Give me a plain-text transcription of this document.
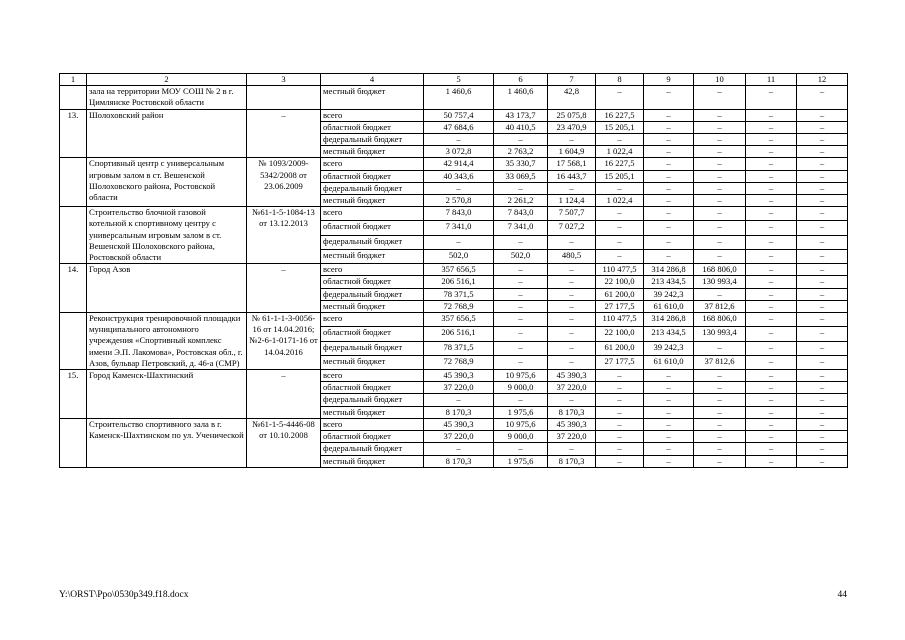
1	2	3	4	5	6	7	8	9	10	11	12
	зала на территории МОУ СОШ № 2 в г. Цимлянске Ростовской области		местный бюджет	1 460,6	1 460,6	42,8	–	–	–	–	–
13.	Шолоховский район	–	всего	50 757,4	43 173,7	25 075,8	16 227,5	–	–	–	–
			областной бюджет	47 684,6	40 410,5	23 470,9	15 205,1	–	–	–	–
			федеральный бюджет	–	–	–	–	–	–	–	–
			местный бюджет	3 072,8	2 763,2	1 604,9	1 022,4	–	–	–	–
	Спортивный центр с универсальным игровым залом в ст. Вешенской Шолоховского района, Ростовской области	№ 1093/2009-5342/2008 от 23.06.2009	всего	42 914,4	35 330,7	17 568,1	16 227,5	–	–	–	–
			областной бюджет	40 343,6	33 069,5	16 443,7	15 205,1	–	–	–	–
			федеральный бюджет	–	–	–	–	–	–	–	–
			местный бюджет	2 570,8	2 261,2	1 124,4	1 022,4	–	–	–	–
	Строительство блочной газовой котельной к спортивному центру с универсальным игровым залом в ст. Вешенской Шолоховского района, Ростовской области	№61-1-5-1084-13 от 13.12.2013	всего	7 843,0	7 843,0	7 507,7	–	–	–	–	–
			областной бюджет	7 341,0	7 341,0	7 027,2	–	–	–	–	–
			федеральный бюджет	–	–	–	–	–	–	–	–
			местный бюджет	502,0	502,0	480,5	–	–	–	–	–
14.	Город Азов	–	всего	357 656,5	–	–	110 477,5	314 286,8	168 806,0	–	–
			областной бюджет	206 516,1	–	–	22 100,0	213 434,5	130 993,4	–	–
			федеральный бюджет	78 371,5	–	–	61 200,0	39 242,3	–	–	–
			местный бюджет	72 768,9	–	–	27 177,5	61 610,0	37 812,6	–	–
	Реконструкция тренировочной площадки муниципального автономного учреждения «Спортивный комплекс имени Э.П. Лакомова», Ростовская обл., г. Азов, бульвар Петровский, д. 46-а (СМР)	№ 61-1-1-3-0056-16 от 14.04.2016; №2-6-1-0171-16 от 14.04.2016	всего	357 656,5	–	–	110 477,5	314 286,8	168 806,0	–	–
			областной бюджет	206 516,1	–	–	22 100,0	213 434,5	130 993,4	–	–
			федеральный бюджет	78 371,5	–	–	61 200,0	39 242,3	–	–	–
			местный бюджет	72 768,9	–	–	27 177,5	61 610,0	37 812,6	–	–
15.	Город Каменск-Шахтинский	–	всего	45 390,3	10 975,6	45 390,3	–	–	–	–	–
			областной бюджет	37 220,0	9 000,0	37 220,0	–	–	–	–	–
			федеральный бюджет	–	–	–	–	–	–	–	–
			местный бюджет	8 170,3	1 975,6	8 170,3	–	–	–	–	–
	Строительство спортивного зала в г. Каменск-Шахтинском по ул. Ученической	№61-1-5-4446-08 от 10.10.2008	всего	45 390,3	10 975,6	45 390,3	–	–	–	–	–
			областной бюджет	37 220,0	9 000,0	37 220,0	–	–	–	–	–
			федеральный бюджет	–	–	–	–	–	–	–	–
			местный бюджет	8 170,3	1 975,6	8 170,3	–	–	–	–	–
Y:\ORST\Ppo\0530p349.f18.docx	44
